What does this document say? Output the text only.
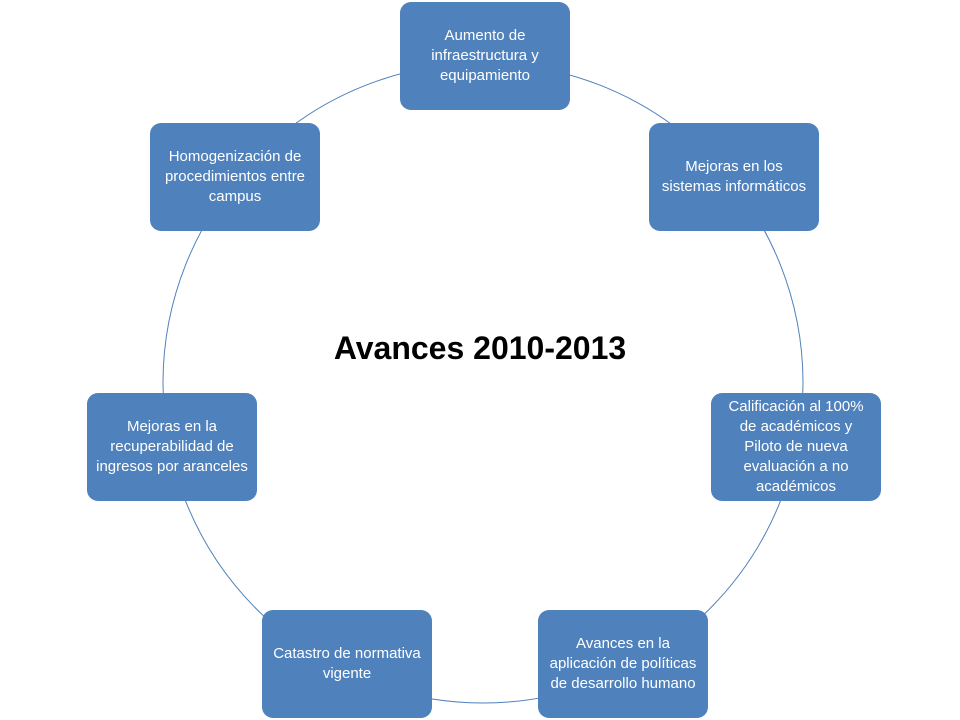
Aumento de infraestructura y equipamiento
Mejoras en los sistemas informáticos
Calificación al 100% de académicos y Piloto de nueva evaluación a no académicos
Avances en la aplicación de políticas de desarrollo humano
Catastro de normativa vigente
Mejoras en la recuperabilidad de ingresos por aranceles
Homogenización de procedimientos entre campus
Avances 2010-2013
